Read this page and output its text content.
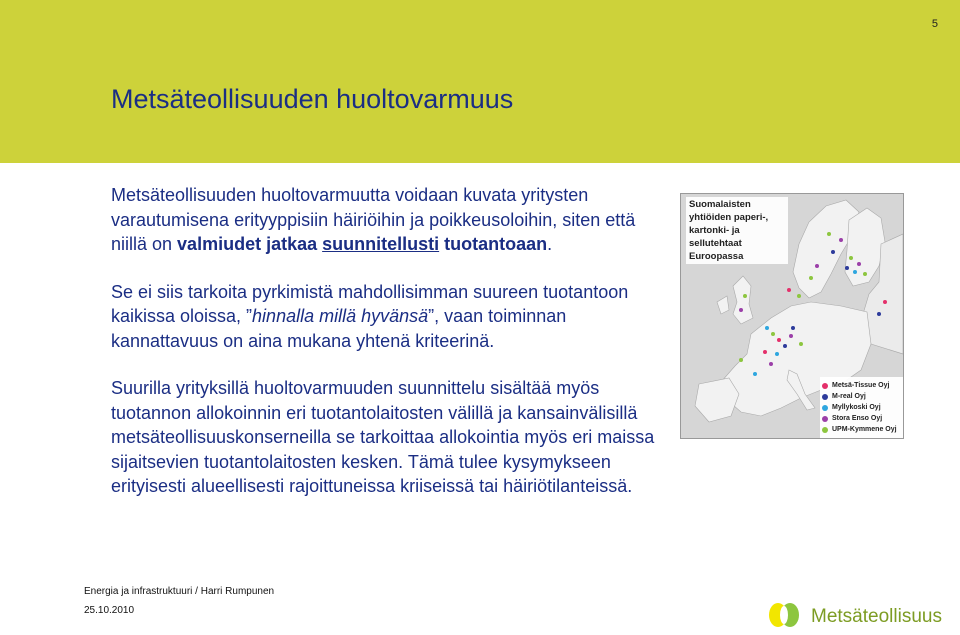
5
Metsäteollisuuden huoltovarmuus

Metsäteollisuuden huoltovarmuutta voidaan kuvata yritysten varautumisena erityyppisiin häiriöihin ja poikkeusoloihin, siten että niillä on valmiudet jatkaa suunnitellusti tuotantoaan.

Se ei siis tarkoita pyrkimistä mahdollisimman suureen tuotantoon kaikissa oloissa, ”hinnalla millä hyvänsä”, vaan toiminnan kannattavuus on aina mukana yhtenä kriteerinä.

Suurilla yrityksillä huoltovarmuuden suunnittelu sisältää myös tuotannon allokoinnin eri tuotantolaitosten välillä ja kansainvälisillä metsäteollisuuskonserneilla se tarkoittaa allokointia myös eri maissa sijaitsevien tuotantolaitosten kesken. Tämä tulee kysymykseen erityisesti alueellisesti rajoittuneissa kriiseissä tai häiriötilanteissä.

Suomalaisten yhtiöiden paperi-, kartonki- ja sellutehtaat Euroopassa
Metsä-Tissue Oyj
M-real Oyj
Myllykoski Oyj
Stora Enso Oyj
UPM-Kymmene Oyj
Energia ja infrastruktuuri / Harri Rumpunen
25.10.2010	Metsäteollisuus
